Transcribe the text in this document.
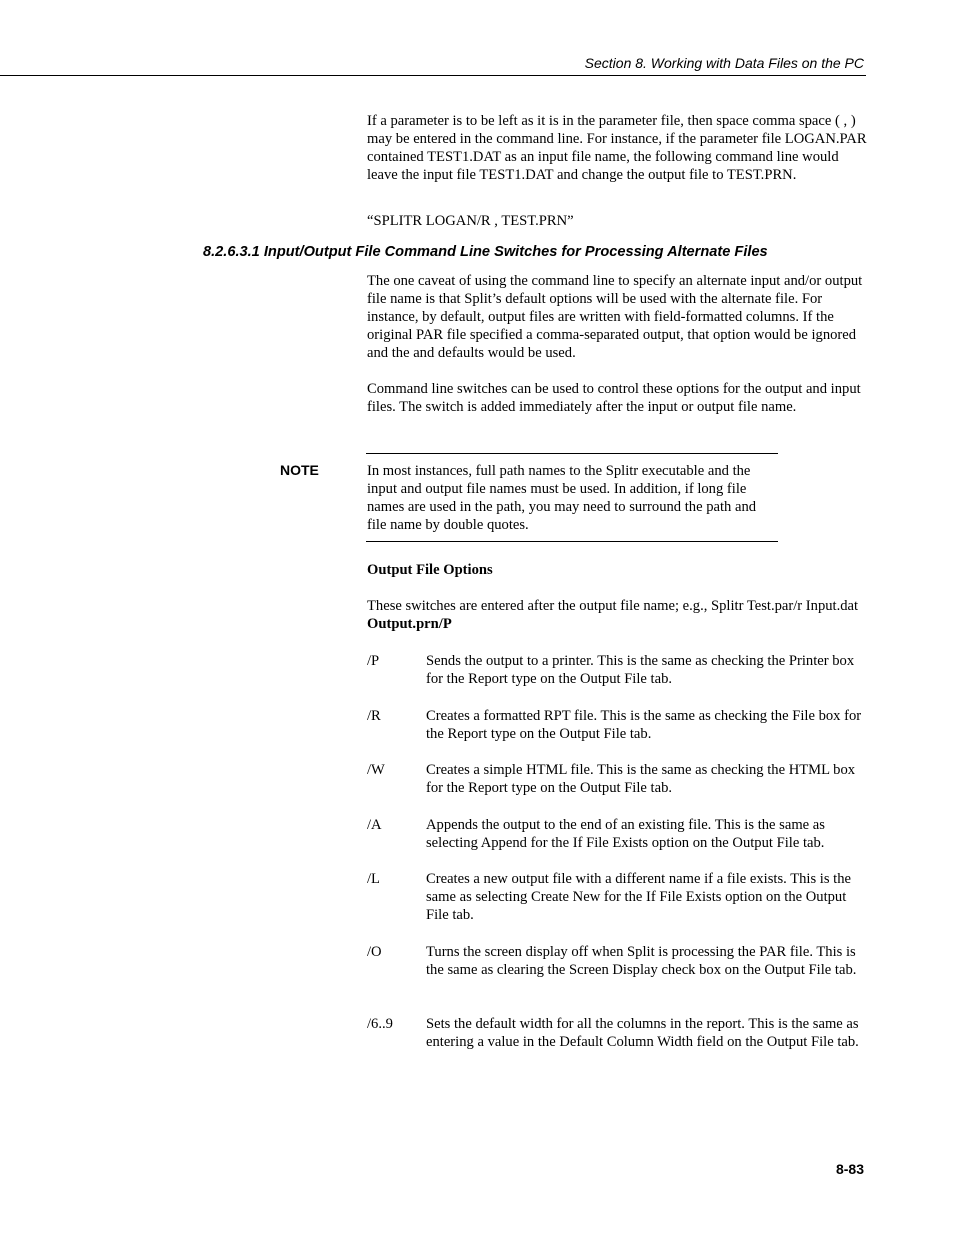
Section 8. Working with Data Files on the PC

If a parameter is to be left as it is in the parameter file, then space comma space ( , ) may be entered in the command line. For instance, if the parameter file LOGAN.PAR contained TEST1.DAT as an input file name, the following command line would leave the input file TEST1.DAT and change the output file to TEST.PRN.

“SPLITR LOGAN/R , TEST.PRN”

8.2.6.3.1 Input/Output File Command Line Switches for Processing Alternate Files

The one caveat of using the command line to specify an alternate input and/or output file name is that Split’s default options will be used with the alternate file. For instance, by default, output files are written with field-formatted columns. If the original PAR file specified a comma-separated output, that option would be ignored and the and defaults would be used.

Command line switches can be used to control these options for the output and input files. The switch is added immediately after the input or output file name.

NOTE	In most instances, full path names to the Splitr executable and the input and output file names must be used. In addition, if long file names are used in the path, you may need to surround the path and file name by double quotes.

Output File Options

These switches are entered after the output file name; e.g., Splitr Test.par/r Input.dat Output.prn/P

/P	Sends the output to a printer. This is the same as checking the Printer box for the Report type on the Output File tab.
/R	Creates a formatted RPT file. This is the same as checking the File box for the Report type on the Output File tab.
/W	Creates a simple HTML file. This is the same as checking the HTML box for the Report type on the Output File tab.
/A	Appends the output to the end of an existing file. This is the same as selecting Append for the If File Exists option on the Output File tab.
/L	Creates a new output file with a different name if a file exists. This is the same as selecting Create New for the If File Exists option on the Output File tab.
/O	Turns the screen display off when Split is processing the PAR file. This is the same as clearing the Screen Display check box on the Output File tab.
/6..9 Sets the default width for all the columns in the report. This is the same as entering a value in the Default Column Width field on the Output File tab.
8-83
